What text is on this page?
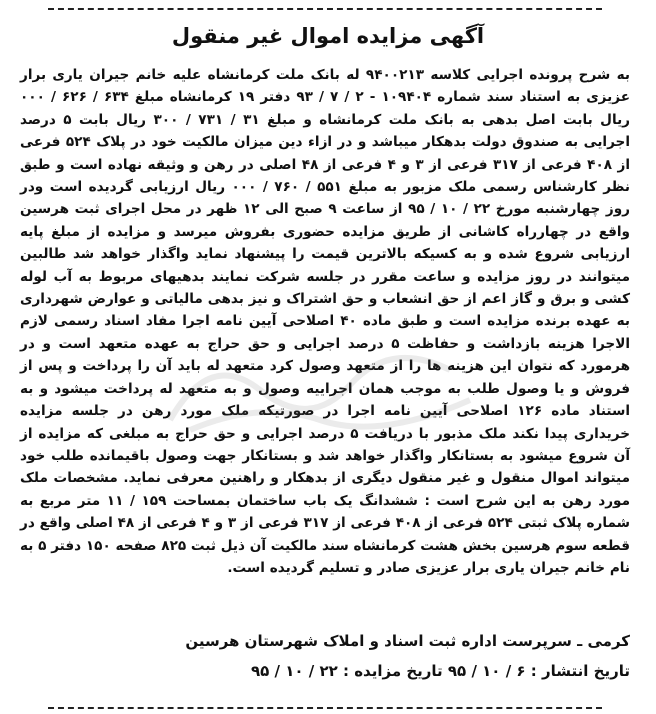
آگهی مزایده اموال غیر منقول

به شرح پرونده اجرایی کلاسه ۹۴۰۰۲۱۳ له بانک ملت کرمانشاه علیه خانم جیران یاری برار عزیزی به استناد سند شماره ۱۰۹۴۰۴ - ۲ / ۷ / ۹۳ دفتر ۱۹ کرمانشاه مبلغ ۶۳۴ / ۶۲۶ / ۰۰۰ ریال بابت اصل بدهی به بانک ملت کرمانشاه و مبلغ ۳۱ / ۷۳۱ / ۳۰۰ ریال بابت ۵ درصد اجرایی به صندوق دولت بدهکار میباشد و در ازاء دین میزان مالکیت خود در پلاک ۵۲۴ فرعی از ۴۰۸ فرعی از ۳۱۷ فرعی از ۳ و ۴ فرعی از ۴۸ اصلی در رهن و وثیقه نهاده است و طبق نظر کارشناس رسمی ملک مزبور به مبلغ ۵۵۱ / ۷۶۰ / ۰۰۰ ریال ارزیابی گردیده است ودر روز چهارشنبه مورخ ۲۲ / ۱۰ / ۹۵ از ساعت ۹ صبح الی ۱۲ ظهر در محل اجرای ثبت هرسین واقع در چهارراه کاشانی از طریق مزایده حضوری بفروش میرسد و مزایده از مبلغ پایه ارزیابی شروع شده و به کسیکه بالاترین قیمت را پیشنهاد نماید واگذار خواهد شد طالبین میتوانند در روز مزایده و ساعت مقرر در جلسه شرکت نمایند بدهیهای مربوط به آب لوله کشی و برق و گاز اعم از حق انشعاب و حق اشتراک و نیز بدهی مالیاتی و عوارض شهرداری به عهده برنده مزایده است و طبق ماده ۴۰ اصلاحی آیین نامه اجرا مفاد اسناد رسمی لازم الاجرا هزینه بازداشت و حفاظت ۵ درصد اجرایی و حق حراج به عهده متعهد است و در هرمورد که نتوان این هزینه ها را از متعهد وصول کرد متعهد له باید آن را پرداخت و پس از فروش و یا وصول طلب به موجب همان اجراییه وصول و به متعهد له پرداخت میشود و به استناد ماده ۱۲۶ اصلاحی آیین نامه اجرا در صورتیکه ملک مورد رهن در جلسه مزایده خریداری پیدا نکند ملک مذبور با دریافت ۵ درصد اجرایی و حق حراج به مبلغی که مزایده از آن شروع میشود به بستانکار واگذار خواهد شد و بستانکار جهت وصول باقیمانده طلب خود میتواند اموال منقول و غیر منقول دیگری از بدهکار و راهنین معرفی نماید. مشخصات ملک مورد رهن به این شرح است : ششدانگ یک باب ساختمان بمساحت ۱۵۹ / ۱۱ متر مربع به شماره پلاک ثبتی ۵۲۴ فرعی از ۴۰۸ فرعی از ۳۱۷ فرعی از ۳ و ۴ فرعی از ۴۸ اصلی واقع در قطعه سوم هرسین بخش هشت کرمانشاه سند مالکیت آن ذیل ثبت ۸۲۵ صفحه ۱۵۰ دفتر ۵ به نام خانم جیران یاری برار عزیزی صادر و تسلیم گردیده است.

کرمی ـ سرپرست اداره ثبت اسناد و املاک شهرستان هرسین

تاریخ انتشار : ۶ / ۱۰ / ۹۵ تاریخ مزایده : ۲۲ / ۱۰ / ۹۵
